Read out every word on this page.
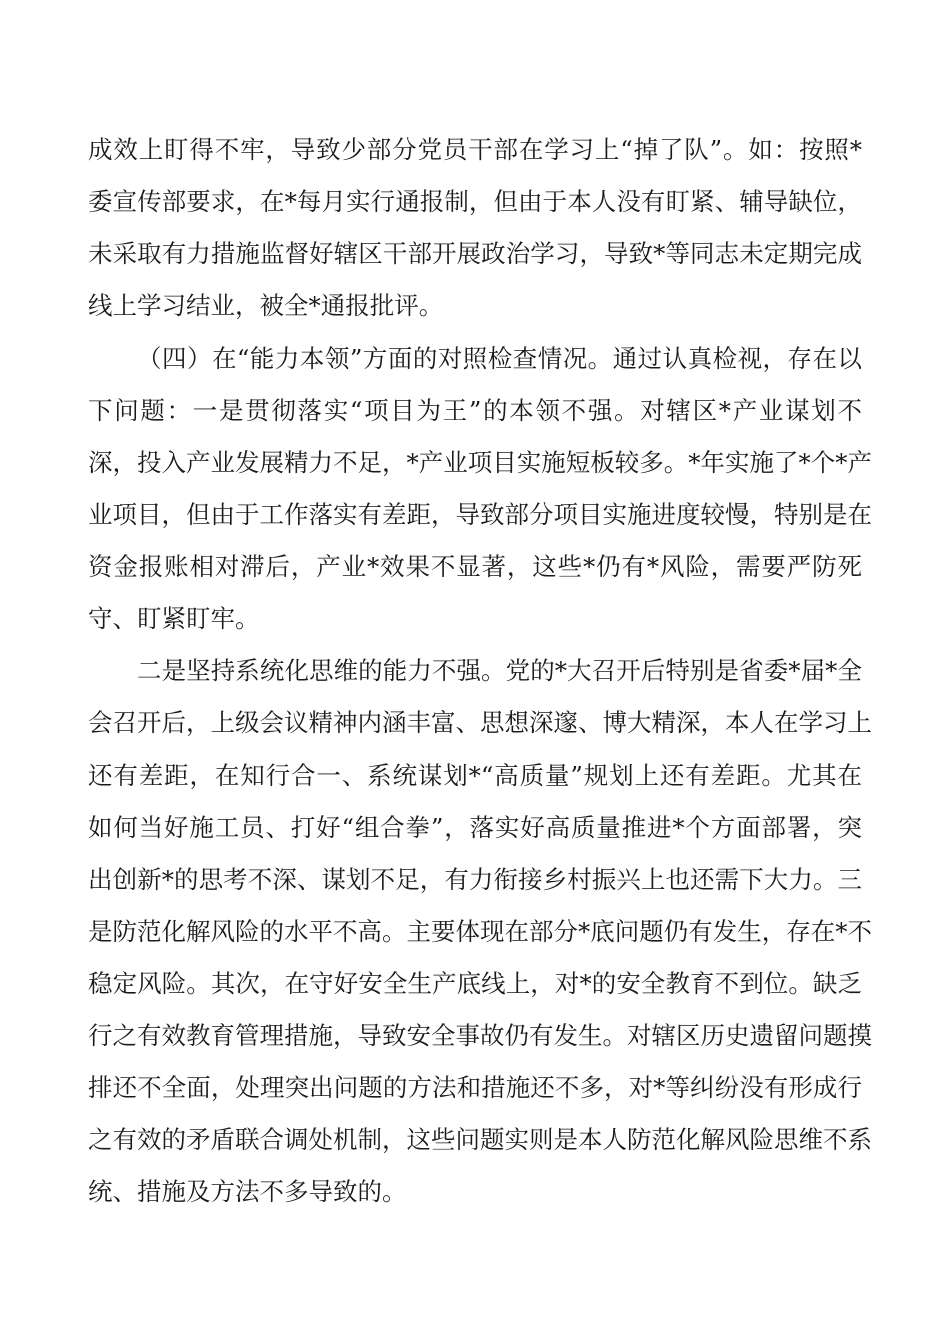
成效上盯得不牢，导致少部分党员干部在学习上“掉了队”。如：按照*
委宣传部要求，在*每月实行通报制，但由于本人没有盯紧、辅导缺位，
未采取有力措施监督好辖区干部开展政治学习，导致*等同志未定期完成
线上学习结业，被全*通报批评。
（四）在“能力本领”方面的对照检查情况。通过认真检视，存在以
下问题：一是贯彻落实“项目为王”的本领不强。对辖区*产业谋划不
深，投入产业发展精力不足，*产业项目实施短板较多。*年实施了*个*产
业项目，但由于工作落实有差距，导致部分项目实施进度较慢，特别是在
资金报账相对滞后，产业*效果不显著，这些*仍有*风险，需要严防死
守、盯紧盯牢。
二是坚持系统化思维的能力不强。党的*大召开后特别是省委*届*全
会召开后，上级会议精神内涵丰富、思想深邃、博大精深，本人在学习上
还有差距，在知行合一、系统谋划*“高质量”规划上还有差距。尤其在
如何当好施工员、打好“组合拳”，落实好高质量推进*个方面部署，突
出创新*的思考不深、谋划不足，有力衔接乡村振兴上也还需下大力。三
是防范化解风险的水平不高。主要体现在部分*底问题仍有发生，存在*不
稳定风险。其次，在守好安全生产底线上，对*的安全教育不到位。缺乏
行之有效教育管理措施，导致安全事故仍有发生。对辖区历史遗留问题摸
排还不全面，处理突出问题的方法和措施还不多，对*等纠纷没有形成行
之有效的矛盾联合调处机制，这些问题实则是本人防范化解风险思维不系
统、措施及方法不多导致的。
